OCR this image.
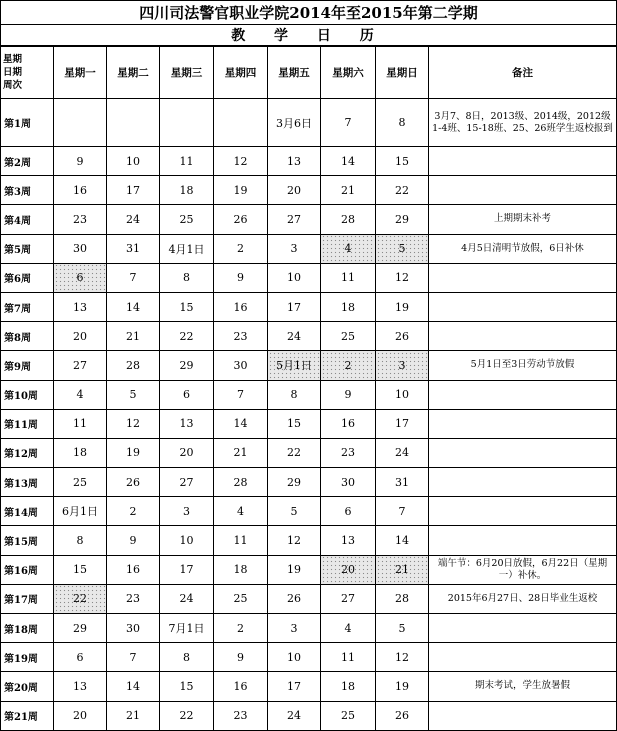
四川司法警官职业学院2014年至2015年第二学期
教 学 日 历
星期
日期
周次	星期一	星期二	星期三	星期四	星期五	星期六	星期日	备注
第1周					3月6日	7	8	3月7、8日，2013级、2014级，2012级1-4班、15-18班、25、26班学生返校报到
第2周	9	10	11	12	13	14	15	
第3周	16	17	18	19	20	21	22	
第4周	23	24	25	26	27	28	29	上期期末补考
第5周	30	31	4月1日	2	3	4	5	4月5日清明节放假，6日补休
第6周	6	7	8	9	10	11	12	
第7周	13	14	15	16	17	18	19	
第8周	20	21	22	23	24	25	26	
第9周	27	28	29	30	5月1日	2	3	5月1日至3日劳动节放假
第10周	4	5	6	7	8	9	10	
第11周	11	12	13	14	15	16	17	
第12周	18	19	20	21	22	23	24	
第13周	25	26	27	28	29	30	31	
第14周	6月1日	2	3	4	5	6	7	
第15周	8	9	10	11	12	13	14	
第16周	15	16	17	18	19	20	21	端午节：6月20日放假，6月22日（星期一）补休。
第17周	22	23	24	25	26	27	28	2015年6月27日、28日毕业生返校
第18周	29	30	7月1日	2	3	4	5	
第19周	6	7	8	9	10	11	12	
第20周	13	14	15	16	17	18	19	期末考试，学生放暑假
第21周	20	21	22	23	24	25	26	
